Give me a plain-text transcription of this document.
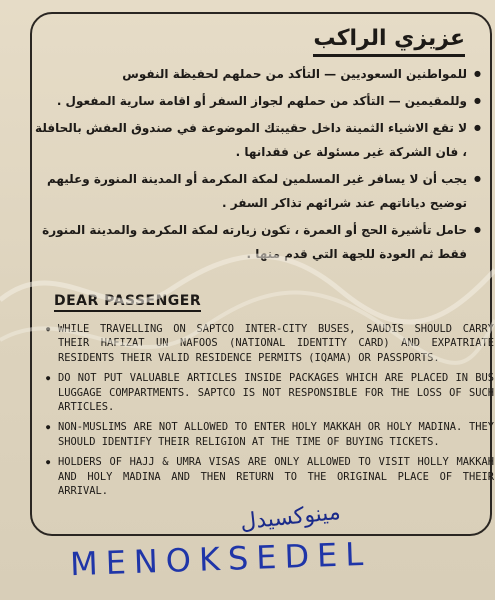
عزيزي الراكب
● للمواطنين السعوديين — التأكد من حملهم لحفيظة النفوس
● وللمقيمين — التأكد من حملهم لجواز السفر أو اقامة سارية المفعول .
● لا تقع الاشياء الثمينة داخل حقيبتك الموضوعة في صندوق العفش بالحافلة ، فان الشركة غير مسئولة عن فقدانها .
● يجب أن لا يسافر غير المسلمين لمكة المكرمة أو المدينة المنورة وعليهم توضيح دياناتهم عند شرائهم تذاكر السفر .
● حامل تأشيرة الحج أو العمرة ، تكون زيارته لمكة المكرمة والمدينة المنورة فقط ثم العودة للجهة التي قدم منها .
DEAR PASSENGER
● WHILE TRAVELLING ON SAPTCO INTER-CITY BUSES, SAUDIS SHOULD CARRY THEIR HAFIZAT UN NAFOOS (NATIONAL IDENTITY CARD) AND EXPATRIATE RESIDENTS THEIR VALID RESIDENCE PERMITS (IQAMA) OR PASSPORTS.
● DO NOT PUT VALUABLE ARTICLES INSIDE PACKAGES WHICH ARE PLACED IN BUS LUGGAGE COMPARTMENTS. SAPTCO IS NOT RESPONSIBLE FOR THE LOSS OF SUCH ARTICLES.
● NON-MUSLIMS ARE NOT ALLOWED TO ENTER HOLY MAKKAH OR HOLY MADINA. THEY SHOULD IDENTIFY THEIR RELIGION AT THE TIME OF BUYING TICKETS.
● HOLDERS OF HAJJ & UMRA VISAS ARE ONLY ALLOWED TO VISIT HOLLY MAKKAH AND HOLY MADINA AND THEN RETURN TO THE ORIGINAL PLACE OF THEIR ARRIVAL.
مينوكسيدل
MENOKSEDEL
